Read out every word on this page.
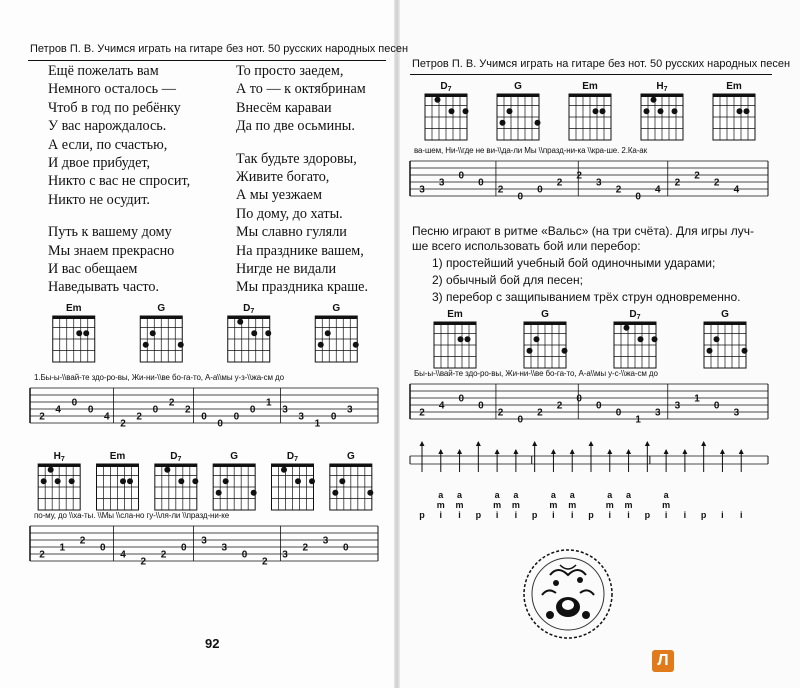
Петров П. В. Учимся играть на гитаре без нот. 50 русских народных песен
Ещё пожелать вам
Немного осталось —
Чтоб в год по ребёнку
У вас нарождалось.
А если, по счастью,
И двое прибудет,
Никто с вас не спросит,
Никто не осудит.
Путь к вашему дому
Мы знаем прекрасно
И вас обещаем
Наведывать часто.
То просто заедем,
А то — к октябринам
Внесём караваи
Да по две осьмины.
Так будьте здоровы,
Живите богато,
А мы уезжаем
По дому, до хаты.
Мы славно гуляли
На празднике вашем,
Нигде не видали
Мы праздника краше.
Em	G	$D_7$	G
1.Бы-ы-\\вай-те здо-ро-вы, Жи-ни-\\ве бо-га-то, А-а\\мы у-з-\\жа-см до
2
4
0
0
4
2
2
0
2
2
0
0
0
0
1
3
3
1
0
3
$H_7$	Em	$D_7$	G	$D_7$	G
по-му, до \\ха-ты. \\Мы \\сла-но гу-\\ля-ли \\празд-ни-ке
2
1
2
0
4
2
2
0
3
3
0
2
3
2
3
0
92
Петров П. В. Учимся играть на гитаре без нот. 50 русских народных песен
$D_7$	G	Em	$H_7$	Em
ва-шем, Ни-\\где не ви-\\да-ли Мы \\празд-ни-ка \\кра-ше. 2.Ка-ак
3
3
0
0
2
0
0
2
2
3
2
0
4
2
2
2
4
Песню играют в ритме «Вальс» (на три счёта). Для игры луч-
ше всего использовать бой или перебор:
1) простейший учебный бой одиночными ударами;
2) обычный бой для песен;
3) перебор с защипыванием трёх струн одновременно.
Em	G	$D_7$	G
Бы-ы-\\вай-те здо-ро-вы, Жи-ни-\\ве бо-га-то, А-а\\мы у-с-\\жа-см до
2
4
0
0
2
0
2
2
0
0
0
1
3
3
1
0
3
p i i p i i p i i p i i p i i p i i
a
m
a
m
a
m
a
m
a
m
a
m
a
m
a
m
a
m
Л
